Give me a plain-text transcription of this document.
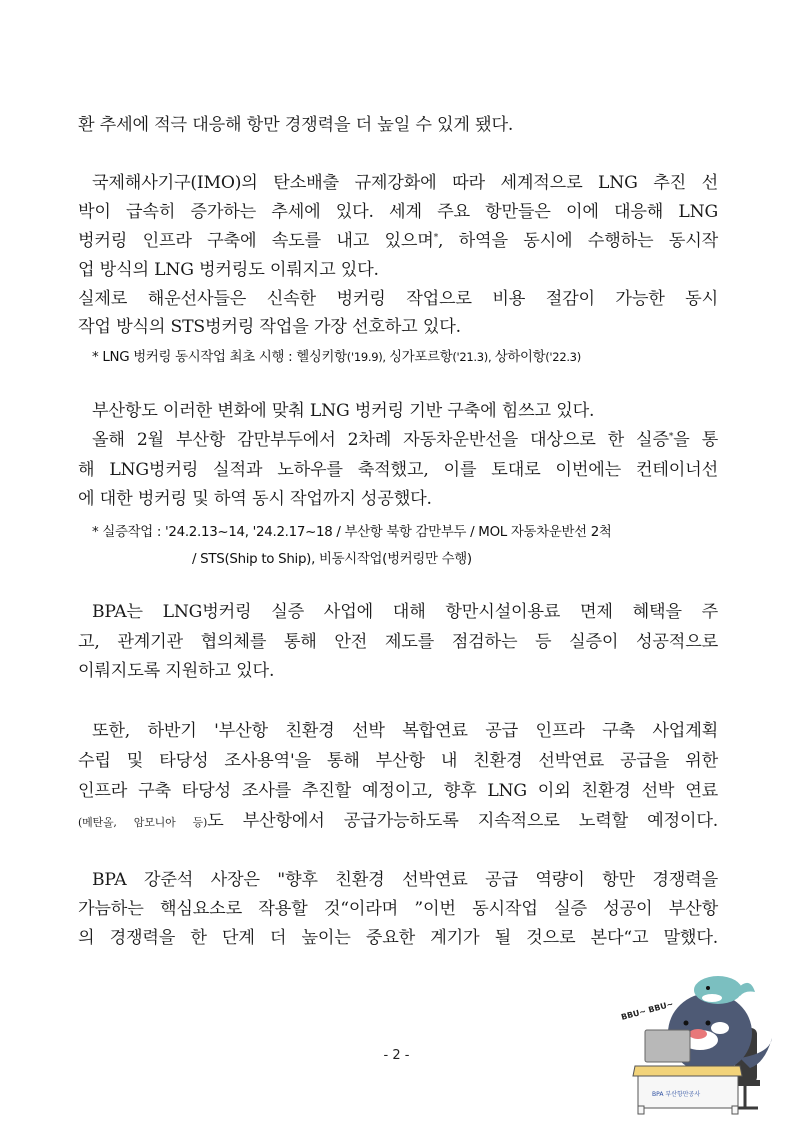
환 추세에 적극 대응해 항만 경쟁력을 더 높일 수 있게 됐다.
국제해사기구(IMO)의 탄소배출 규제강화에 따라 세계적으로 LNG 추진 선
박이 급속히 증가하는 추세에 있다. 세계 주요 항만들은 이에 대응해 LNG
벙커링 인프라 구축에 속도를 내고 있으며*, 하역을 동시에 수행하는 동시작
업 방식의 LNG 벙커링도 이뤄지고 있다.
실제로 해운선사들은 신속한 벙커링 작업으로 비용 절감이 가능한 동시
작업 방식의 STS벙커링 작업을 가장 선호하고 있다.
* LNG 벙커링 동시작업 최초 시행 : 헬싱키항('19.9), 싱가포르항('21.3), 상하이항('22.3)
부산항도 이러한 변화에 맞춰 LNG 벙커링 기반 구축에 힘쓰고 있다.
올해 2월 부산항 감만부두에서 2차례 자동차운반선을 대상으로 한 실증*을 통
해 LNG벙커링 실적과 노하우를 축적했고, 이를 토대로 이번에는 컨테이너선
에 대한 벙커링 및 하역 동시 작업까지 성공했다.
* 실증작업 : '24.2.13~14, '24.2.17~18 / 부산항 북항 감만부두 / MOL 자동차운반선 2척
/ STS(Ship to Ship), 비동시작업(벙커링만 수행)
BPA는 LNG벙커링 실증 사업에 대해 항만시설이용료 면제 혜택을 주
고, 관계기관 협의체를 통해 안전 제도를 점검하는 등 실증이 성공적으로
이뤄지도록 지원하고 있다.
또한, 하반기 '부산항 친환경 선박 복합연료 공급 인프라 구축 사업계획
수립 및 타당성 조사용역'을 통해 부산항 내 친환경 선박연료 공급을 위한
인프라 구축 타당성 조사를 추진할 예정이고, 향후 LNG 이외 친환경 선박 연료
(메탄올, 암모니아 등)도 부산항에서 공급가능하도록 지속적으로 노력할 예정이다.
BPA 강준석 사장은 "향후 친환경 선박연료 공급 역량이 항만 경쟁력을
가늠하는 핵심요소로 작용할 것“이라며 ”이번 동시작업 실증 성공이 부산항
의 경쟁력을 한 단계 더 높이는 중요한 계기가 될 것으로 본다“고 말했다.
- 2 -
BBU~ BBU~
BPA 부산항만공사
